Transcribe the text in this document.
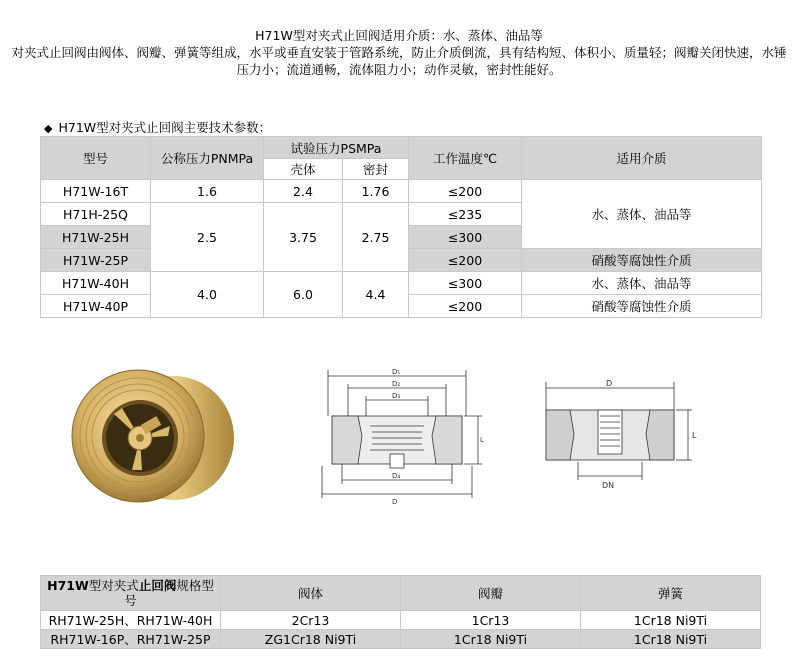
H71W型对夹式止回阀适用介质：水、蒸体、油品等
对夹式止回阀由阀体、阀瓣、弹簧等组成，水平或垂直安装于管路系统，防止介质倒流，具有结构短、体积小、质量轻；阀瓣关闭快速，水锤压力小；流道通畅，流体阻力小；动作灵敏，密封性能好。
◆ H71W型对夹式止回阀主要技术参数：
型号	公称压力PNMPa	试验压力PSMPa		工作温度℃	适用介质
		壳体	密封		
H71W-16T	1.6	2.4	1.76	≤200	水、蒸体、油品等
H71H-25Q	2.5	3.75	2.75	≤235	
H71W-25H				≤300	
H71W-25P				≤200	硝酸等腐蚀性介质
H71W-40H	4.0	6.0	4.4	≤300	水、蒸体、油品等
H71W-40P				≤200	硝酸等腐蚀性介质
D₁
D₂
D₃
D₄
D
L
D
DN
L
H71W型对夹式止回阀规格型号	阀体	阀瓣	弹簧
RH71W-25H、RH71W-40H	2Cr13	1Cr13	1Cr18 Ni9Ti
RH71W-16P、RH71W-25P	ZG1Cr18 Ni9Ti	1Cr18 Ni9Ti	1Cr18 Ni9Ti
